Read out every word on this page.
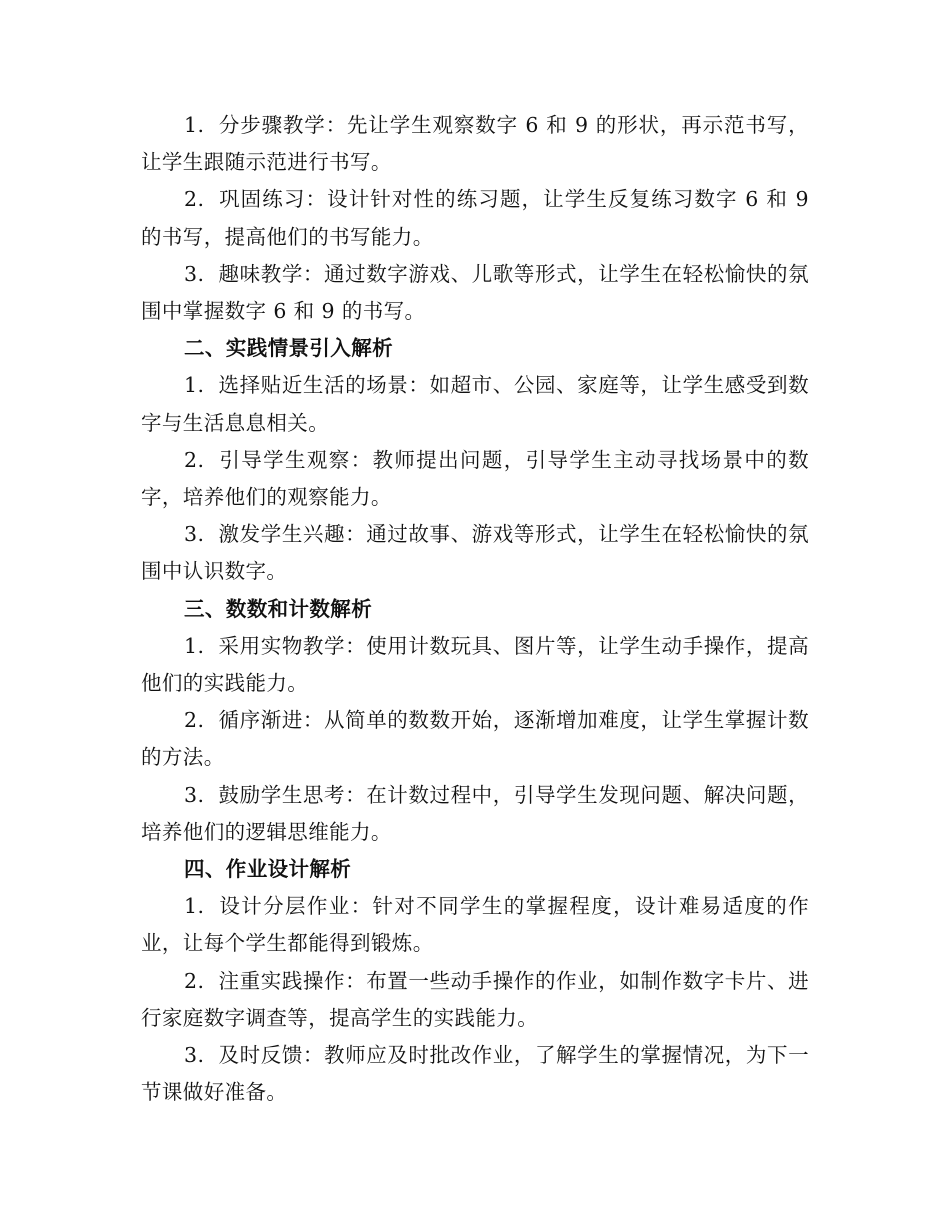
1. 分步骤教学：先让学生观察数字 6 和 9 的形状，再示范书写，让学生跟随示范进行书写。

2. 巩固练习：设计针对性的练习题，让学生反复练习数字 6 和 9 的书写，提高他们的书写能力。

3. 趣味教学：通过数字游戏、儿歌等形式，让学生在轻松愉快的氛围中掌握数字 6 和 9 的书写。

二、实践情景引入解析

1. 选择贴近生活的场景：如超市、公园、家庭等，让学生感受到数字与生活息息相关。

2. 引导学生观察：教师提出问题，引导学生主动寻找场景中的数字，培养他们的观察能力。

3. 激发学生兴趣：通过故事、游戏等形式，让学生在轻松愉快的氛围中认识数字。

三、数数和计数解析

1. 采用实物教学：使用计数玩具、图片等，让学生动手操作，提高他们的实践能力。

2. 循序渐进：从简单的数数开始，逐渐增加难度，让学生掌握计数的方法。

3. 鼓励学生思考：在计数过程中，引导学生发现问题、解决问题，培养他们的逻辑思维能力。

四、作业设计解析

1. 设计分层作业：针对不同学生的掌握程度，设计难易适度的作业，让每个学生都能得到锻炼。

2. 注重实践操作：布置一些动手操作的作业，如制作数字卡片、进行家庭数字调查等，提高学生的实践能力。

3. 及时反馈：教师应及时批改作业，了解学生的掌握情况，为下一节课做好准备。
